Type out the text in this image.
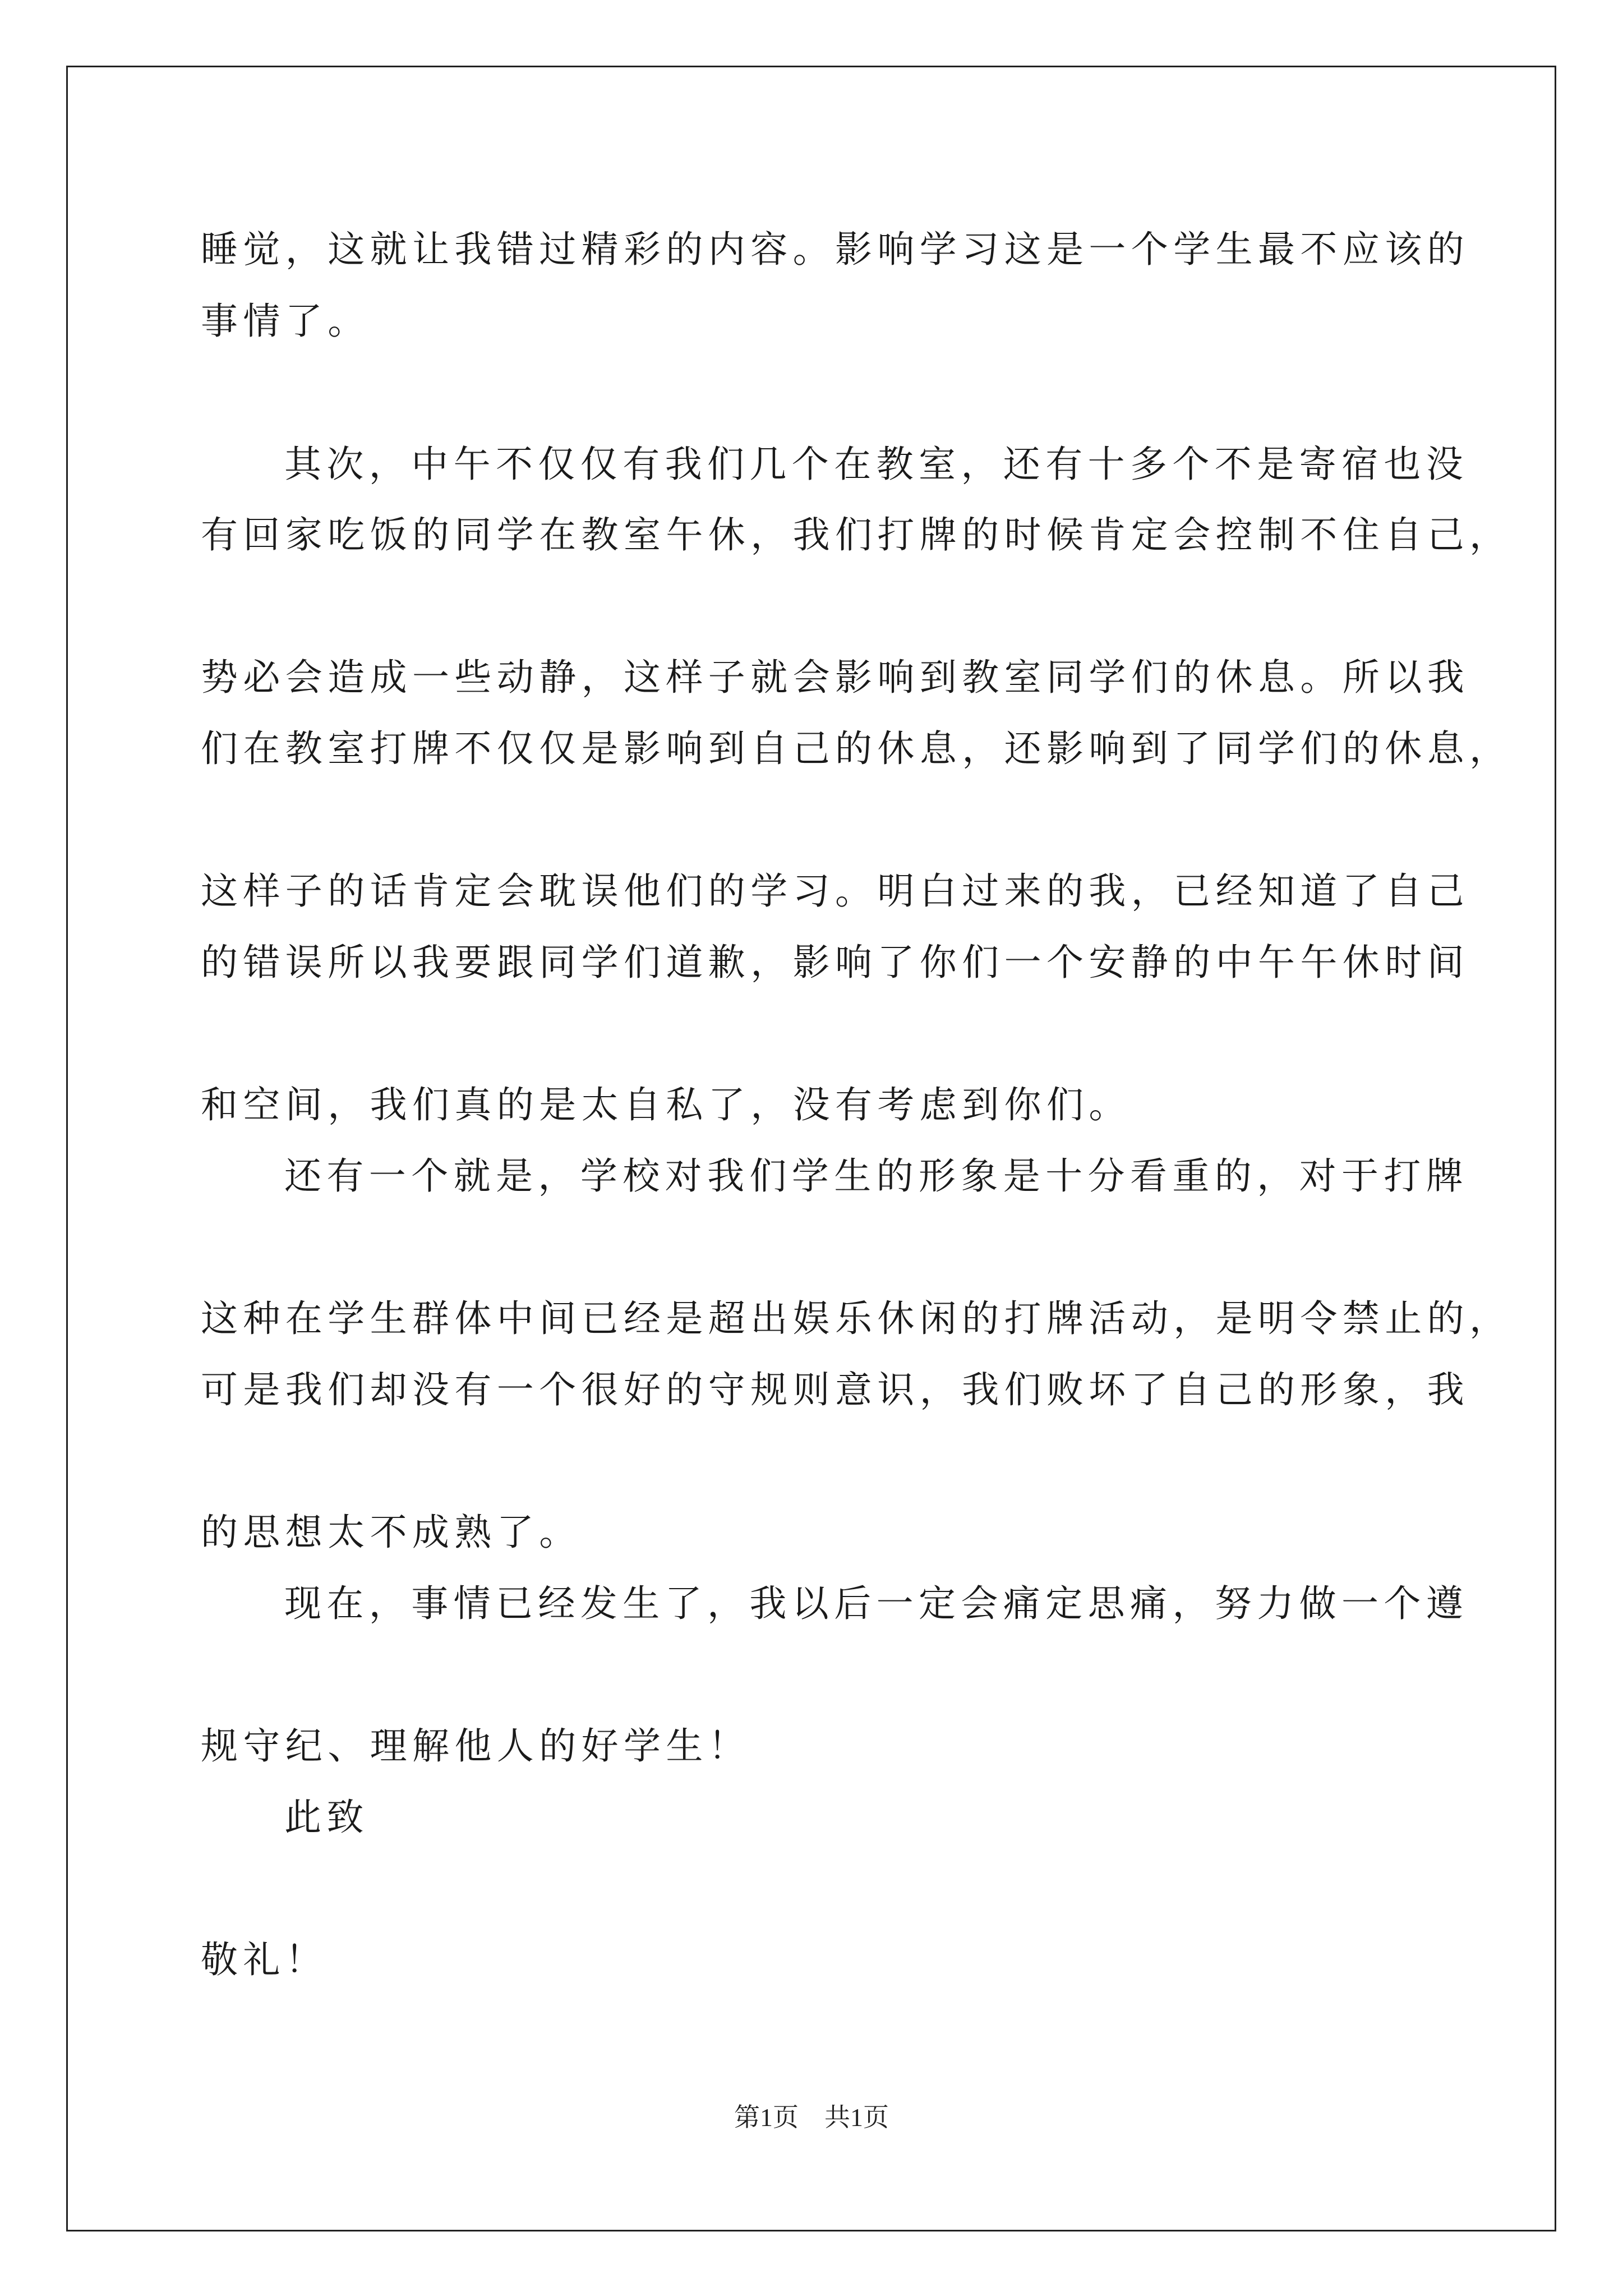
睡觉，这就让我错过精彩的内容。影响学习这是一个学生最不应该的
事情了。
其次，中午不仅仅有我们几个在教室，还有十多个不是寄宿也没
有回家吃饭的同学在教室午休，我们打牌的时候肯定会控制不住自己，
势必会造成一些动静，这样子就会影响到教室同学们的休息。所以我
们在教室打牌不仅仅是影响到自己的休息，还影响到了同学们的休息，
这样子的话肯定会耽误他们的学习。明白过来的我，已经知道了自己
的错误所以我要跟同学们道歉，影响了你们一个安静的中午午休时间
和空间，我们真的是太自私了，没有考虑到你们。
还有一个就是，学校对我们学生的形象是十分看重的，对于打牌
这种在学生群体中间已经是超出娱乐休闲的打牌活动，是明令禁止的，
可是我们却没有一个很好的守规则意识，我们败坏了自己的形象，我
的思想太不成熟了。
现在，事情已经发生了，我以后一定会痛定思痛，努力做一个遵
规守纪、理解他人的好学生！
此致
敬礼！
第1页　共1页
